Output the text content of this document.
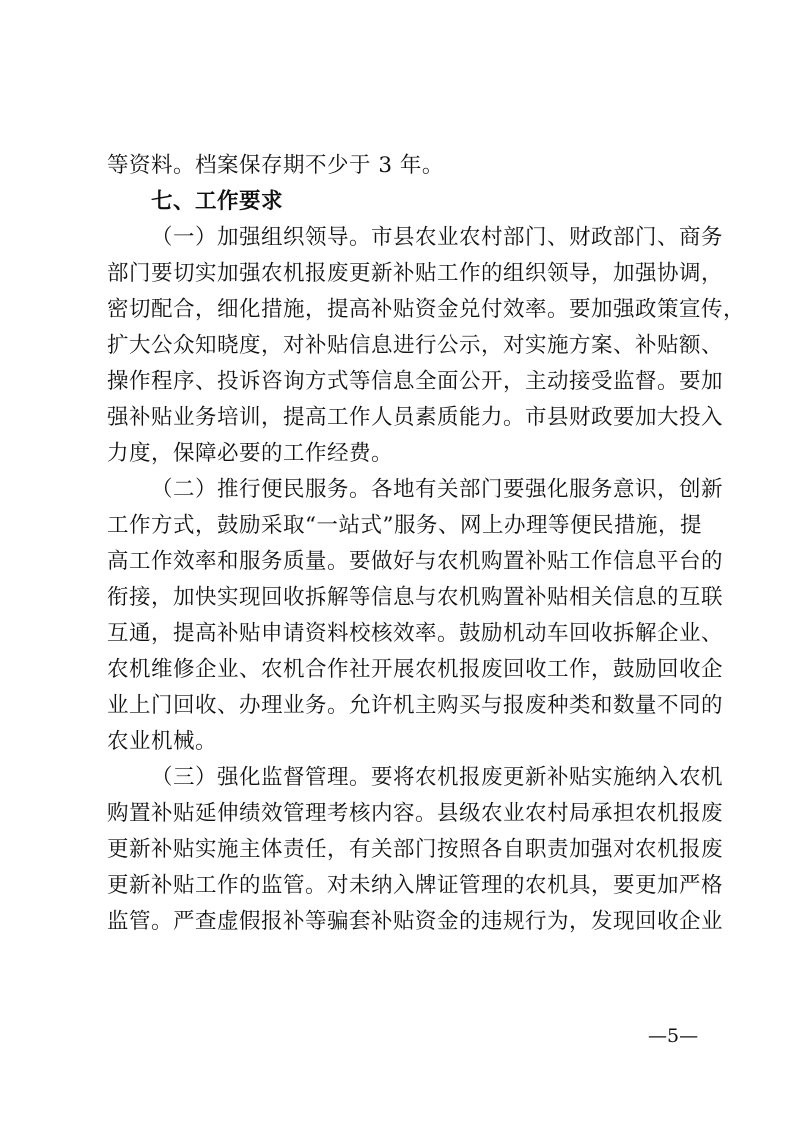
等资料。档案保存期不少于 3 年。
七、工作要求
（一）加强组织领导。市县农业农村部门、财政部门、商务
部门要切实加强农机报废更新补贴工作的组织领导，加强协调，
密切配合，细化措施，提高补贴资金兑付效率。要加强政策宣传，
扩大公众知晓度，对补贴信息进行公示，对实施方案、补贴额、
操作程序、投诉咨询方式等信息全面公开，主动接受监督。要加
强补贴业务培训，提高工作人员素质能力。市县财政要加大投入
力度，保障必要的工作经费。
（二）推行便民服务。各地有关部门要强化服务意识，创新
工作方式，鼓励采取“一站式”服务、网上办理等便民措施，提
高工作效率和服务质量。要做好与农机购置补贴工作信息平台的
衔接，加快实现回收拆解等信息与农机购置补贴相关信息的互联
互通，提高补贴申请资料校核效率。鼓励机动车回收拆解企业、
农机维修企业、农机合作社开展农机报废回收工作，鼓励回收企
业上门回收、办理业务。允许机主购买与报废种类和数量不同的
农业机械。
（三）强化监督管理。要将农机报废更新补贴实施纳入农机
购置补贴延伸绩效管理考核内容。县级农业农村局承担农机报废
更新补贴实施主体责任，有关部门按照各自职责加强对农机报废
更新补贴工作的监管。对未纳入牌证管理的农机具，要更加严格
监管。严查虚假报补等骗套补贴资金的违规行为，发现回收企业
—5—
